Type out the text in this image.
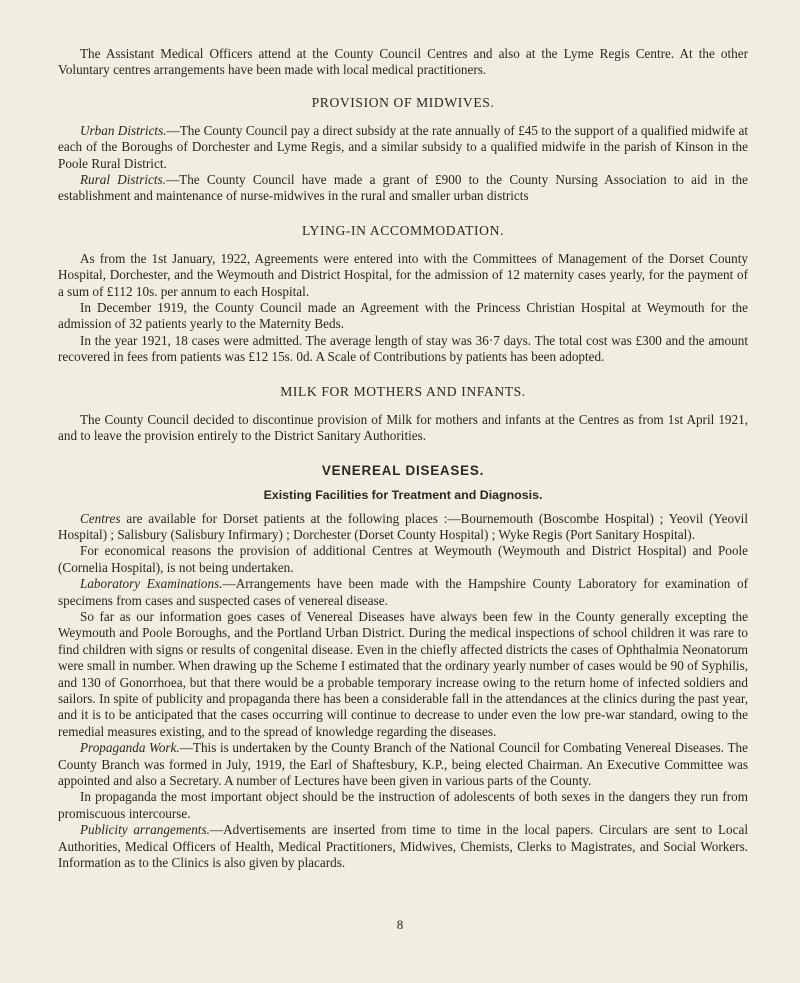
The Assistant Medical Officers attend at the County Council Centres and also at the Lyme Regis Centre. At the other Voluntary centres arrangements have been made with local medical practitioners.

PROVISION OF MIDWIVES.

Urban Districts.—The County Council pay a direct subsidy at the rate annually of £45 to the support of a qualified midwife at each of the Boroughs of Dorchester and Lyme Regis, and a similar subsidy to a qualified midwife in the parish of Kinson in the Poole Rural District.

Rural Districts.—The County Council have made a grant of £900 to the County Nursing Association to aid in the establishment and maintenance of nurse-midwives in the rural and smaller urban districts

LYING-IN ACCOMMODATION.

As from the 1st January, 1922, Agreements were entered into with the Committees of Management of the Dorset County Hospital, Dorchester, and the Weymouth and District Hospital, for the admission of 12 maternity cases yearly, for the payment of a sum of £112 10s. per annum to each Hospital.

In December 1919, the County Council made an Agreement with the Princess Christian Hospital at Weymouth for the admission of 32 patients yearly to the Maternity Beds.

In the year 1921, 18 cases were admitted. The average length of stay was 36·7 days. The total cost was £300 and the amount recovered in fees from patients was £12 15s. 0d. A Scale of Contributions by patients has been adopted.

MILK FOR MOTHERS AND INFANTS.

The County Council decided to discontinue provision of Milk for mothers and infants at the Centres as from 1st April 1921, and to leave the provision entirely to the District Sanitary Authorities.

VENEREAL DISEASES.
Existing Facilities for Treatment and Diagnosis.

Centres are available for Dorset patients at the following places :—Bournemouth (Boscombe Hospital) ; Yeovil (Yeovil Hospital) ; Salisbury (Salisbury Infirmary) ; Dorchester (Dorset County Hospital) ; Wyke Regis (Port Sanitary Hospital).

For economical reasons the provision of additional Centres at Weymouth (Weymouth and District Hospital) and Poole (Cornelia Hospital), is not being undertaken.

Laboratory Examinations.—Arrangements have been made with the Hampshire County Laboratory for examination of specimens from cases and suspected cases of venereal disease.

So far as our information goes cases of Venereal Diseases have always been few in the County generally excepting the Weymouth and Poole Boroughs, and the Portland Urban District. During the medical inspections of school children it was rare to find children with signs or results of congenital disease. Even in the chiefly affected districts the cases of Ophthalmia Neonatorum were small in number. When drawing up the Scheme I estimated that the ordinary yearly number of cases would be 90 of Syphilis, and 130 of Gonorrhoea, but that there would be a probable temporary increase owing to the return home of infected soldiers and sailors. In spite of publicity and propaganda there has been a considerable fall in the attendances at the clinics during the past year, and it is to be anticipated that the cases occurring will continue to decrease to under even the low pre-war standard, owing to the remedial measures existing, and to the spread of knowledge regarding the diseases.

Propaganda Work.—This is undertaken by the County Branch of the National Council for Combating Venereal Diseases. The County Branch was formed in July, 1919, the Earl of Shaftesbury, K.P., being elected Chairman. An Executive Committee was appointed and also a Secretary. A number of Lectures have been given in various parts of the County.

In propaganda the most important object should be the instruction of adolescents of both sexes in the dangers they run from promiscuous intercourse.

Publicity arrangements.—Advertisements are inserted from time to time in the local papers. Circulars are sent to Local Authorities, Medical Officers of Health, Medical Practitioners, Midwives, Chemists, Clerks to Magistrates, and Social Workers. Information as to the Clinics is also given by placards.

8
